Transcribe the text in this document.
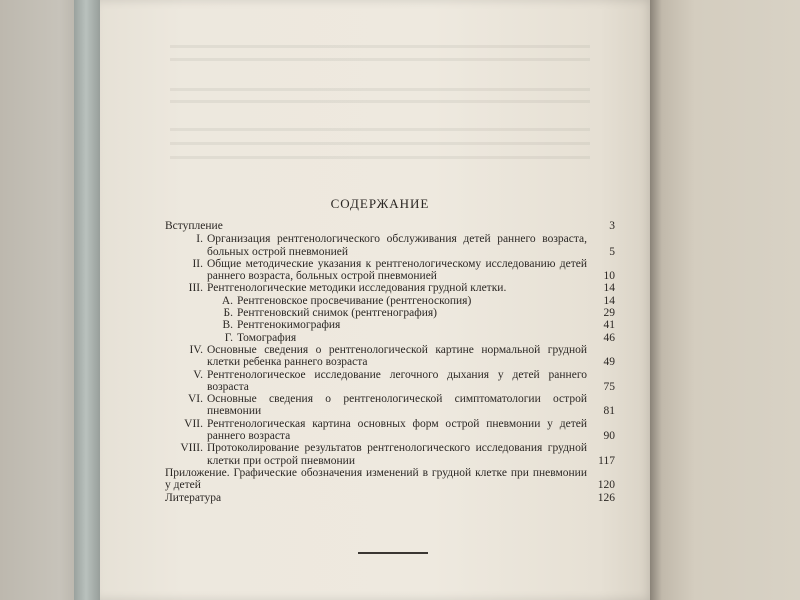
СОДЕРЖАНИЕ
Вступление	3
I. Организация рентгенологического обслуживания детей раннего возраста, больных острой пневмонией	5
II. Общие методические указания к рентгенологическому исследованию детей раннего возраста, больных острой пневмонией	10
III. Рентгенологические методики исследования грудной клетки.	14
А. Рентгеновское просвечивание (рентгеноскопия)	14
Б. Рентгеновский снимок (рентгенография)	29
В. Рентгенокимография	41
Г. Томография	46
IV. Основные сведения о рентгенологической картине нормальной грудной клетки ребенка раннего возраста	49
V. Рентгенологическое исследование легочного дыхания у детей раннего возраста	75
VI. Основные сведения о рентгенологической симптоматологии острой пневмонии	81
VII. Рентгенологическая картина основных форм острой пневмонии у детей раннего возраста	90
VIII. Протоколирование результатов рентгенологического исследования грудной клетки при острой пневмонии	117
Приложение. Графические обозначения изменений в грудной клетке при пневмонии у детей	120
Литература	126
